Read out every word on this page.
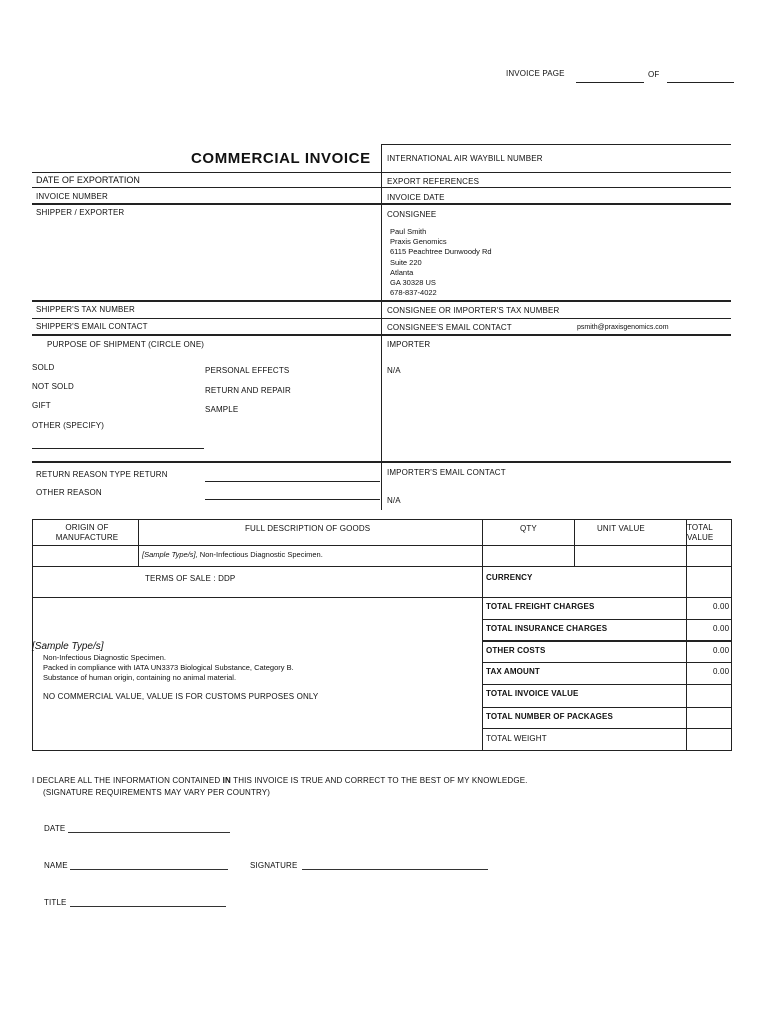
INVOICE PAGE	OF
COMMERCIAL INVOICE
DATE OF EXPORTATION
INVOICE NUMBER
SHIPPER / EXPORTER
SHIPPER'S TAX NUMBER
SHIPPER'S EMAIL CONTACT
PURPOSE OF SHIPMENT (CIRCLE ONE)
SOLD
NOT SOLD
GIFT
OTHER (SPECIFY)
PERSONAL EFFECTS
RETURN AND REPAIR
SAMPLE
RETURN REASON TYPE RETURN
OTHER REASON
INTERNATIONAL AIR WAYBILL NUMBER
EXPORT REFERENCES
INVOICE DATE
CONSIGNEE
Paul Smith
Praxis Genomics
6115 Peachtree Dunwoody Rd
Suite 220
Atlanta
GA 30328 US
678-837-4022
CONSIGNEE OR IMPORTER'S TAX NUMBER
CONSIGNEE'S EMAIL CONTACT	psmith@praxisgenomics.com
IMPORTER
N/A
IMPORTER'S EMAIL CONTACT
N/A
ORIGIN OF MANUFACTURE
FULL DESCRIPTION OF GOODS	QTY	UNIT VALUE	TOTAL VALUE
[Sample Type/s], Non-Infectious Diagnostic Specimen.
TERMS OF SALE : DDP	CURRENCY
TOTAL FREIGHT CHARGES	0.00
TOTAL INSURANCE CHARGES	0.00
OTHER COSTS	0.00
TAX AMOUNT	0.00
TOTAL INVOICE VALUE
TOTAL NUMBER OF PACKAGES
TOTAL WEIGHT
[Sample Type/s]
Non-Infectious Diagnostic Specimen.
Packed in compliance with IATA UN3373 Biological Substance, Category B.
Substance of human origin, containing no animal material.
NO COMMERCIAL VALUE, VALUE IS FOR CUSTOMS PURPOSES ONLY
I DECLARE ALL THE INFORMATION CONTAINED IN THIS INVOICE IS TRUE AND CORRECT TO THE BEST OF MY KNOWLEDGE.
(SIGNATURE REQUIREMENTS MAY VARY PER COUNTRY)
DATE
NAME	SIGNATURE
TITLE
